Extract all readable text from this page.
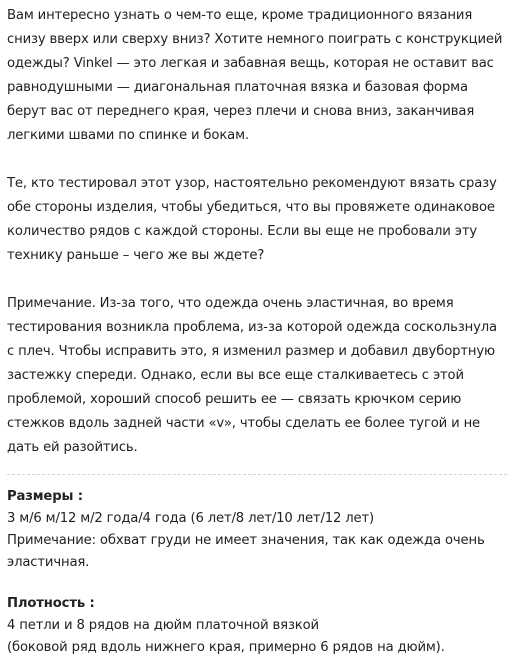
Вам интересно узнать о чем-то еще, кроме традиционного вязания снизу вверх или сверху вниз? Хотите немного поиграть с конструкцией одежды? Vinkel — это легкая и забавная вещь, которая не оставит вас равнодушными — диагональная платочная вязка и базовая форма берут вас от переднего края, через плечи и снова вниз, заканчивая легкими швами по спинке и бокам.

Те, кто тестировал этот узор, настоятельно рекомендуют вязать сразу обе стороны изделия, чтобы убедиться, что вы провяжете одинаковое количество рядов с каждой стороны. Если вы еще не пробовали эту технику раньше – чего же вы ждете?

Примечание. Из-за того, что одежда очень эластичная, во время тестирования возникла проблема, из-за которой одежда соскользнула с плеч. Чтобы исправить это, я изменил размер и добавил двубортную застежку спереди. Однако, если вы все еще сталкиваетесь с этой проблемой, хороший способ решить ее — связать крючком серию стежков вдоль задней части «v», чтобы сделать ее более тугой и не дать ей разойтись.

Размеры :
3 м/6 м/12 м/2 года/4 года (6 лет/8 лет/10 лет/12 лет)
Примечание: обхват груди не имеет значения, так как одежда очень эластичная.
Плотность :
4 петли и 8 рядов на дюйм платочной вязкой
(боковой ряд вдоль нижнего края, примерно 6 рядов на дюйм).
